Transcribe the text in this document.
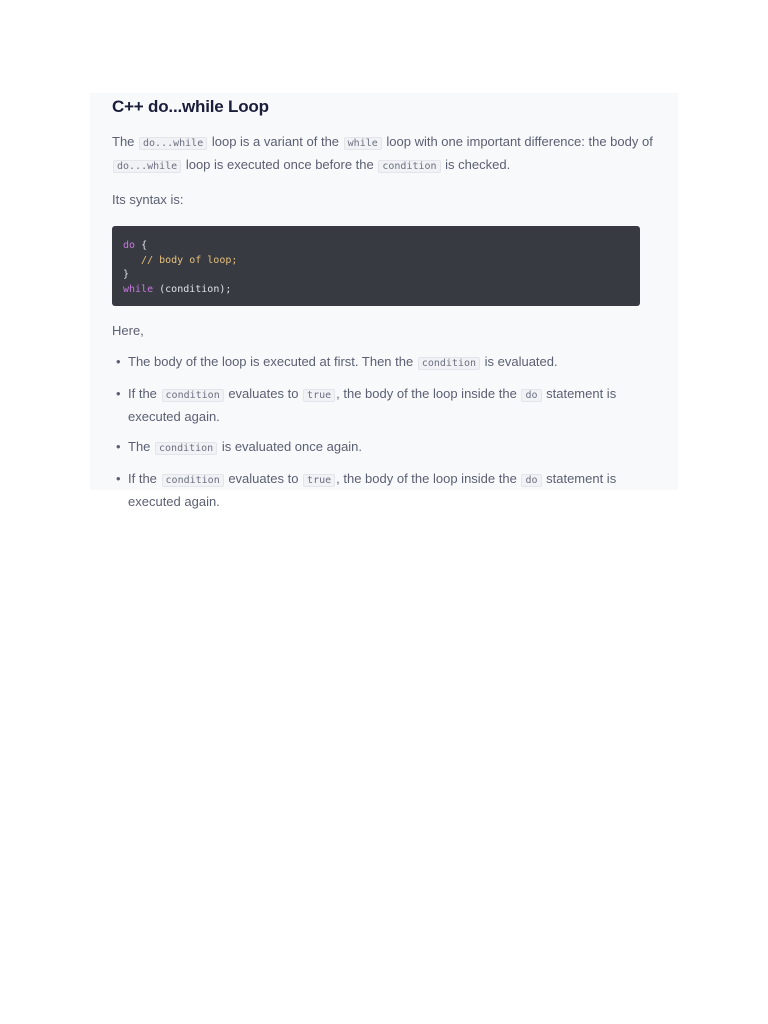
C++ do...while Loop

The do...while loop is a variant of the while loop with one important difference: the body of do...while loop is executed once before the condition is checked.

Its syntax is:

do {
// body of loop;
}
while (condition);

Here,

• The body of the loop is executed at first. Then the condition is evaluated.
• If the condition evaluates to true , the body of the loop inside the do statement is executed again.
• The condition is evaluated once again.
• If the condition evaluates to true , the body of the loop inside the do statement is executed again.
